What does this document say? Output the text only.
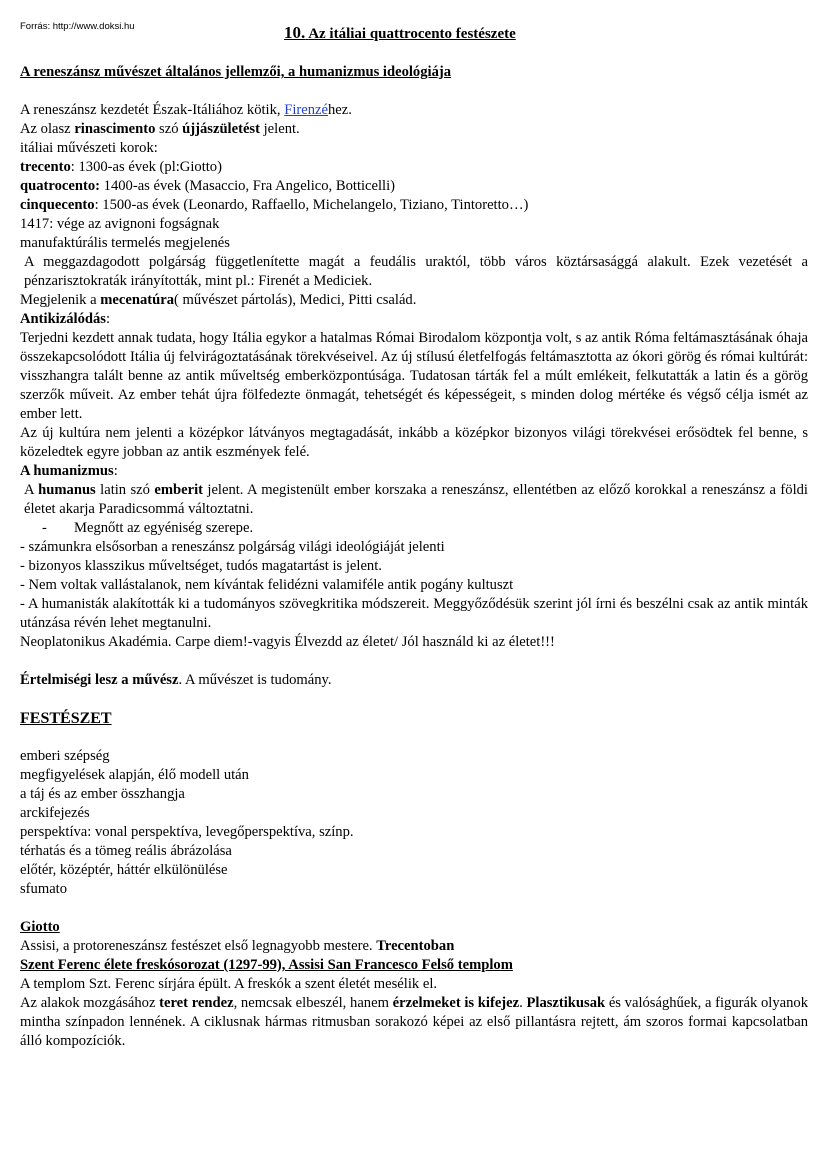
Forrás: http://www.doksi.hu	10. Az itáliai quattrocento festészete

A reneszánsz művészet általános jellemzői, a humanizmus ideológiája

A reneszánsz kezdetét Észak-Itáliához kötik, Firenzéhez.

Az olasz rinascimento szó újjászületést jelent.

itáliai művészeti korok:

trecento: 1300-as évek (pl:Giotto)

quatrocento: 1400-as évek (Masaccio, Fra Angelico, Botticelli)

cinquecento: 1500-as évek (Leonardo, Raffaello, Michelangelo, Tiziano, Tintoretto…)

1417: vége az avignoni fogságnak

manufaktúrális termelés megjelenés

A meggazdagodott polgárság függetlenítette magát a feudális uraktól, több város köztársasággá alakult. Ezek vezetését a pénzarisztokraták irányították, mint pl.: Firenét a Mediciek.

Megjelenik a mecenatúra( művészet pártolás), Medici, Pitti család.

Antikizálódás:

Terjedni kezdett annak tudata, hogy Itália egykor a hatalmas Római Birodalom központja volt, s az antik Róma feltámasztásának óhaja összekapcsolódott Itália új felvirágoztatásának törekvéseivel. Az új stílusú életfelfogás feltámasztotta az ókori görög és római kultúrát: visszhangra talált benne az antik műveltség emberközpontúsága. Tudatosan tárták fel a múlt emlékeit, felkutatták a latin és a görög szerzők műveit. Az ember tehát újra fölfedezte önmagát, tehetségét és képességeit, s minden dolog mértéke és végső célja ismét az ember lett.

Az új kultúra nem jelenti a középkor látványos megtagadását, inkább a középkor bizonyos világi törekvései erősödtek fel benne, s közeledtek egyre jobban az antik eszmények felé.

A humanizmus:

A humanus latin szó emberit jelent. A megistenült ember korszaka a reneszánsz, ellentétben az előző korokkal a reneszánsz a földi életet akarja Paradicsommá változtatni.

- Megnőtt az egyéniség szerepe.

- számunkra elsősorban a reneszánsz polgárság világi ideológiáját jelenti

- bizonyos klasszikus műveltséget, tudós magatartást is jelent.

- Nem voltak vallástalanok, nem kívántak felidézni valamiféle antik pogány kultuszt

- A humanisták alakították ki a tudományos szövegkritika módszereit. Meggyőződésük szerint jól írni és beszélni csak az antik minták utánzása révén lehet megtanulni.

Neoplatonikus Akadémia. Carpe diem!-vagyis Élvezdd az életet/ Jól használd ki az életet!!!

Értelmiségi lesz a művész. A művészet is tudomány.

FESTÉSZET

emberi szépség

megfigyelések alapján, élő modell után

a táj és az ember összhangja

arckifejezés

perspektíva: vonal perspektíva, levegőperspektíva, színp.

térhatás és a tömeg reális ábrázolása

előtér, középtér, háttér elkülönülése

sfumato

Giotto

Assisi, a protoreneszánsz festészet első legnagyobb mestere. Trecentoban

Szent Ferenc élete freskósorozat (1297-99), Assisi San Francesco Felső templom

A templom Szt. Ferenc sírjára épült. A freskók a szent életét mesélik el.

Az alakok mozgásához teret rendez, nemcsak elbeszél, hanem érzelmeket is kifejez. Plasztikusak és valósághűek, a figurák olyanok mintha színpadon lennének. A ciklusnak hármas ritmusban sorakozó képei az első pillantásra rejtett, ám szoros formai kapcsolatban álló kompozíciók.
